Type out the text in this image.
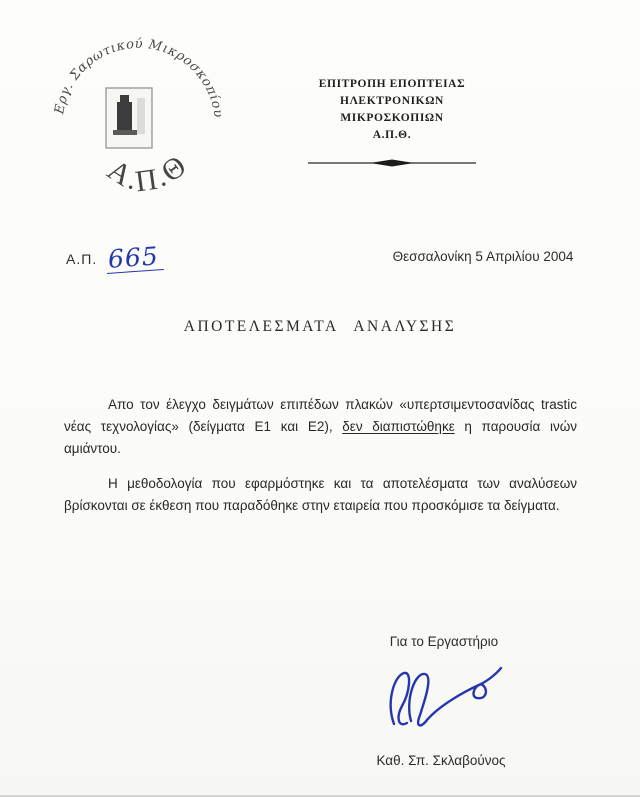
Εργ. Σαρωτικού Μικροσκοπίου
Α.Π.Θ
ΕΠΙΤΡΟΠΗ ΕΠΟΠΤΕΙΑΣ
ΗΛΕΚΤΡΟΝΙΚΩΝ ΜΙΚΡΟΣΚΟΠΙΩΝ
Α.Π.Θ.
Α.Π. 665	Θεσσαλονίκη 5 Απριλίου 2004
ΑΠΟΤΕΛΕΣΜΑΤΑ ΑΝΑΛΥΣΗΣ

Απο τον έλεγχο δειγμάτων επιπέδων πλακών «υπερτσιμεντοσανίδας trastic νέας τεχνολογίας» (δείγματα Ε1 και Ε2), δεν διαπιστώθηκε η παρουσία ινών αμιάντου.

Η μεθοδολογία που εφαρμόστηκε και τα αποτελέσματα των αναλύσεων βρίσκονται σε έκθεση που παραδόθηκε στην εταιρεία που προσκόμισε τα δείγματα.

Για το Εργαστήριο
Καθ. Σπ. Σκλαβούνος
